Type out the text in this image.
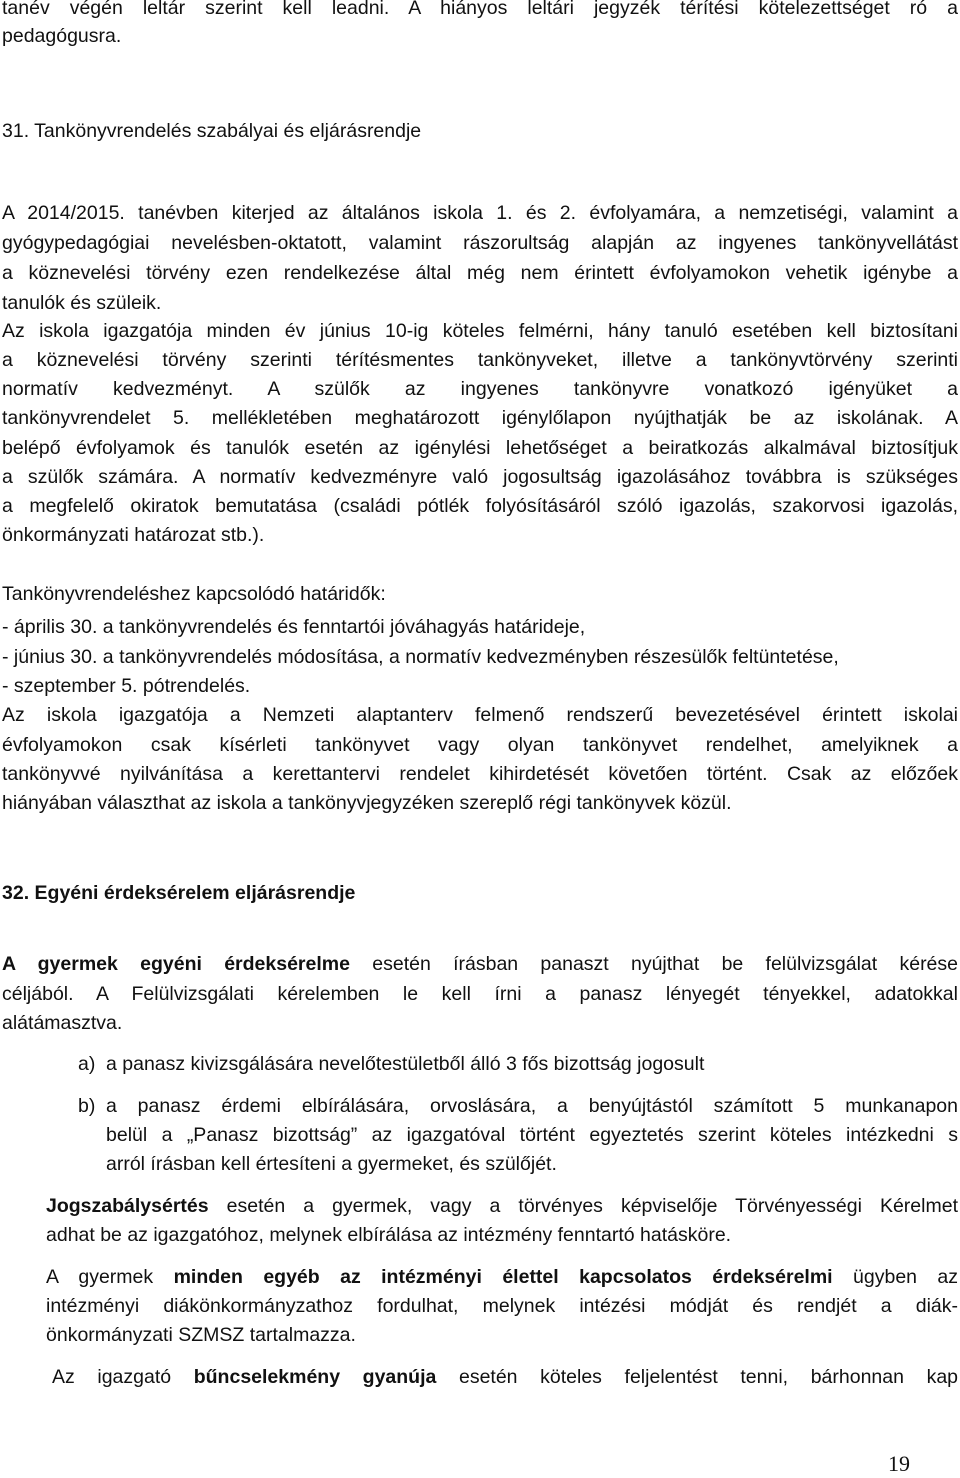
tanév végén leltár szerint kell leadni. A hiányos leltári jegyzék térítési kötelezettséget ró a
pedagógusra.
31. Tankönyvrendelés szabályai és eljárásrendje
A 2014/2015. tanévben kiterjed az általános iskola 1. és 2. évfolyamára, a nemzetiségi, valamint a
gyógypedagógiai nevelésben-oktatott, valamint rászorultság alapján az ingyenes tankönyvellátást
a köznevelési törvény ezen rendelkezése által még nem érintett évfolyamokon vehetik igénybe a
tanulók és szüleik.
Az iskola igazgatója minden év június 10-ig köteles felmérni, hány tanuló esetében kell biztosítani
a köznevelési törvény szerinti térítésmentes tankönyveket, illetve a tankönyvtörvény szerinti
normatív kedvezményt. A szülők az ingyenes tankönyvre vonatkozó igényüket a
tankönyvrendelet 5. mellékletében meghatározott igénylőlapon nyújthatják be az iskolának. A
belépő évfolyamok és tanulók esetén az igénylési lehetőséget a beiratkozás alkalmával biztosítjuk
a szülők számára. A normatív kedvezményre való jogosultság igazolásához továbbra is szükséges
a megfelelő okiratok bemutatása (családi pótlék folyósításáról szóló igazolás, szakorvosi igazolás,
önkormányzati határozat stb.).
Tankönyvrendeléshez kapcsolódó határidők:
- április 30. a tankönyvrendelés és fenntartói jóváhagyás határideje,
- június 30. a tankönyvrendelés módosítása, a normatív kedvezményben részesülők feltüntetése,
- szeptember 5. pótrendelés.
Az iskola igazgatója a Nemzeti alaptanterv felmenő rendszerű bevezetésével érintett iskolai
évfolyamokon csak kísérleti tankönyvet vagy olyan tankönyvet rendelhet, amelyiknek a
tankönyvvé nyilvánítása a kerettantervi rendelet kihirdetését követően történt. Csak az előzőek
hiányában választhat az iskola a tankönyvjegyzéken szereplő régi tankönyvek közül.
32. Egyéni érdeksérelem eljárásrendje
A gyermek egyéni érdeksérelme esetén írásban panaszt nyújthat be felülvizsgálat kérése
céljából. A Felülvizsgálati kérelemben le kell írni a panasz lényegét tényekkel, adatokkal
alátámasztva.
a) a panasz kivizsgálására nevelőtestületből álló 3 fős bizottság jogosult
b) a panasz érdemi elbírálására, orvoslására, a benyújtástól számított 5 munkanapon
belül a „Panasz bizottság” az igazgatóval történt egyeztetés szerint köteles intézkedni s
arról írásban kell értesíteni a gyermeket, és szülőjét.
Jogszabálysértés esetén a gyermek, vagy a törvényes képviselője Törvényességi Kérelmet
adhat be az igazgatóhoz, melynek elbírálása az intézmény fenntartó hatásköre.
A gyermek minden egyéb az intézményi élettel kapcsolatos érdeksérelmi ügyben az
intézményi diákönkormányzathoz fordulhat, melynek intézési módját és rendjét a diák-
önkormányzati SZMSZ tartalmazza.
Az igazgató bűncselekmény gyanúja esetén köteles feljelentést tenni, bárhonnan kap
19
